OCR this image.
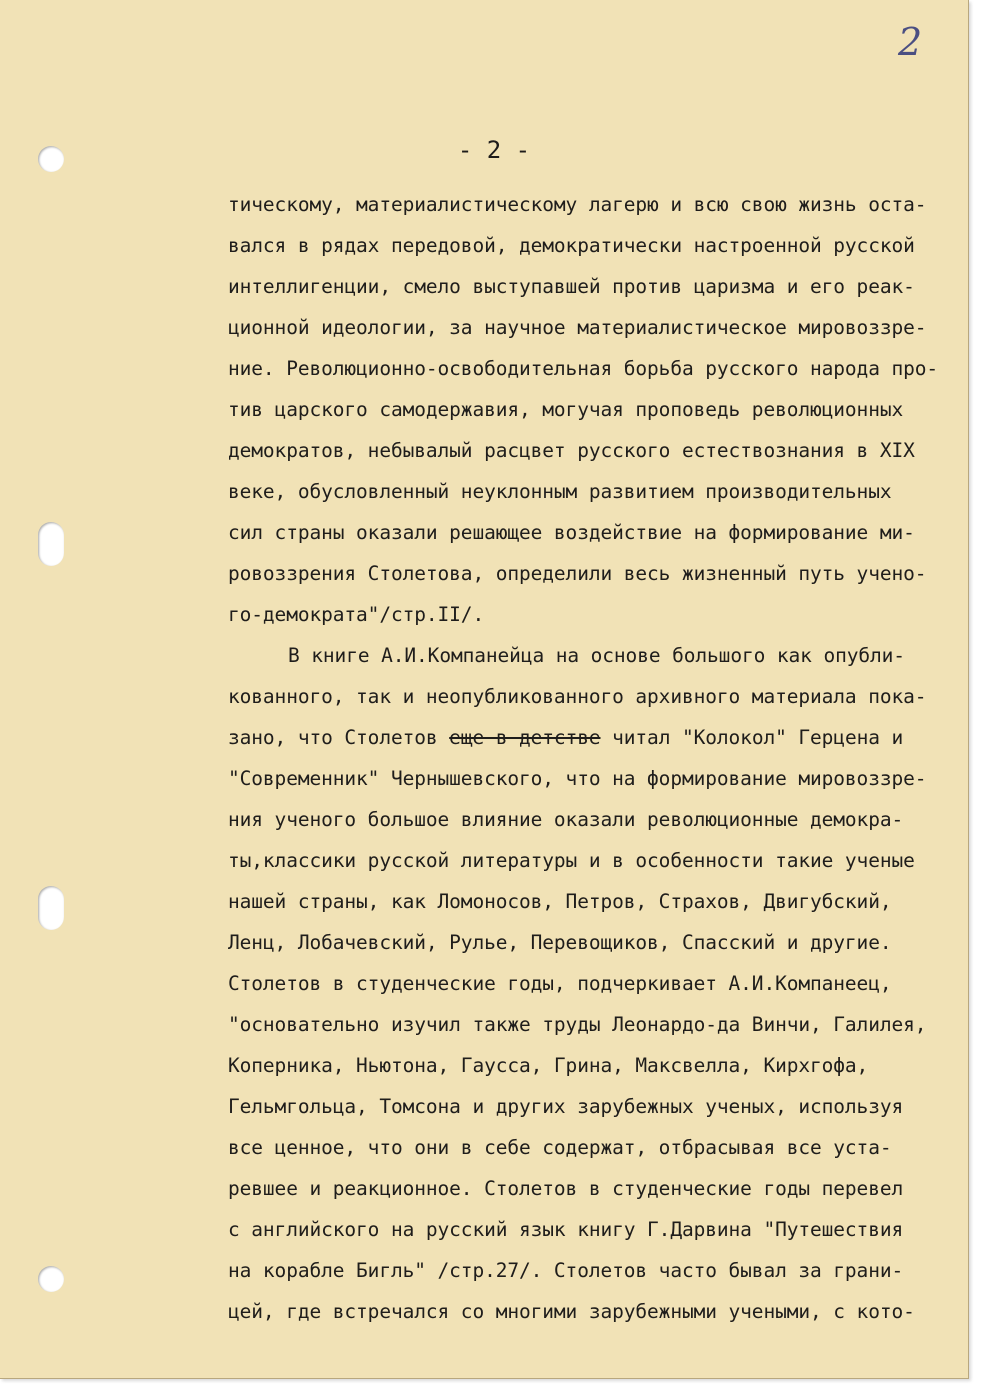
2
- 2 -
тическому, материалистическому лагерю и всю свою жизнь оста-
вался в рядах передовой, демократически настроенной русской
интеллигенции, смело выступавшей против царизма и его реак-
ционной идеологии, за научное материалистическое мировоззре-
ние. Революционно-освободительная борьба русского народа про-
тив царского самодержавия, могучая проповедь революционных
демократов, небывалый расцвет русского естествознания в XIX
веке, обусловленный неуклонным развитием производительных
сил страны оказали решающее воздействие на формирование ми-
ровоззрения Столетова, определили весь жизненный путь учено-
го-демократа"/стр.II/.
В книге А.И.Компанейца на основе большого как опубли-
кованного, так и неопубликованного архивного материала пока-
зано, что Столетов еще в детстве читал "Колокол" Герцена и
"Современник" Чернышевского, что на формирование мировоззре-
ния ученого большое влияние оказали революционные демокра-
ты,классики русской литературы и в особенности такие ученые
нашей страны, как Ломоносов, Петров, Страхов, Двигубский,
Ленц, Лобачевский, Рулье, Перевощиков, Спасский и другие.
Столетов в студенческие годы, подчеркивает А.И.Компанеец,
"основательно изучил также труды Леонардо-да Винчи, Галилея,
Коперника, Ньютона, Гаусса, Грина, Максвелла, Кирхгофа,
Гельмгольца, Томсона и других зарубежных ученых, используя
все ценное, что они в себе содержат, отбрасывая все уста-
ревшее и реакционное. Столетов в студенческие годы перевел
с английского на русский язык книгу Г.Дарвина "Путешествия
на корабле Бигль" /стр.27/. Столетов часто бывал за грани-
цей, где встречался со многими зарубежными учеными, с кото-
